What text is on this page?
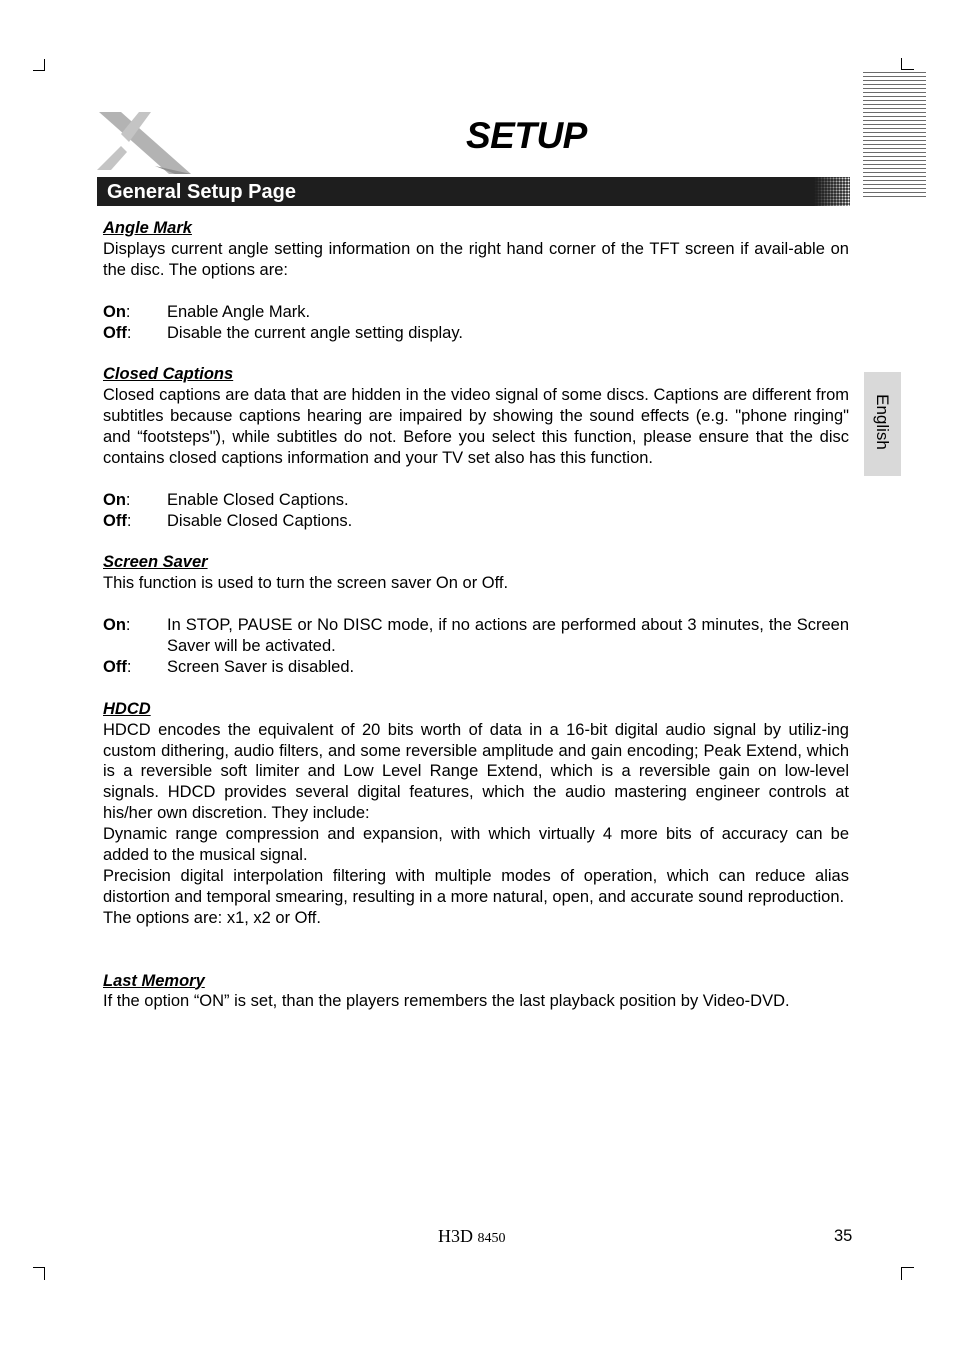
SETUP
General Setup Page
English
Angle Mark

Displays current angle setting information on the right hand corner of the TFT screen if avail-able on the disc. The options are:

On:	Enable Angle Mark.
Off:	Disable the current angle setting display.
Closed Captions

Closed captions are data that are hidden in the video signal of some discs. Captions are different from subtitles because captions hearing are impaired by showing the sound effects (e.g. "phone ringing" and “footsteps"), while subtitles do not. Before you select this function, please ensure that the disc contains closed captions information and your TV set also has this function.

On:	Enable Closed Captions.
Off:	Disable Closed Captions.
Screen Saver

This function is used to turn the screen saver On or Off.

On:	In STOP, PAUSE or No DISC mode, if no actions are performed about 3 minutes, the Screen Saver will be activated.
Off:	Screen Saver is disabled.
HDCD

HDCD encodes the equivalent of 20 bits worth of data in a 16-bit digital audio signal by utiliz-ing custom dithering, audio filters, and some reversible amplitude and gain encoding; Peak Extend, which is a reversible soft limiter and Low Level Range Extend, which is a reversible gain on low-level signals. HDCD provides several digital features, which the audio mastering engineer controls at his/her own discretion. They include:

Dynamic range compression and expansion, with which virtually 4 more bits of accuracy can be added to the musical signal.

Precision digital interpolation filtering with multiple modes of operation, which can reduce alias distortion and temporal smearing, resulting in a more natural, open, and accurate sound reproduction.

The options are: x1, x2 or Off.

Last Memory

If the option “ON” is set, than the players remembers the last playback position by Video-DVD.

H3D 8450	35
